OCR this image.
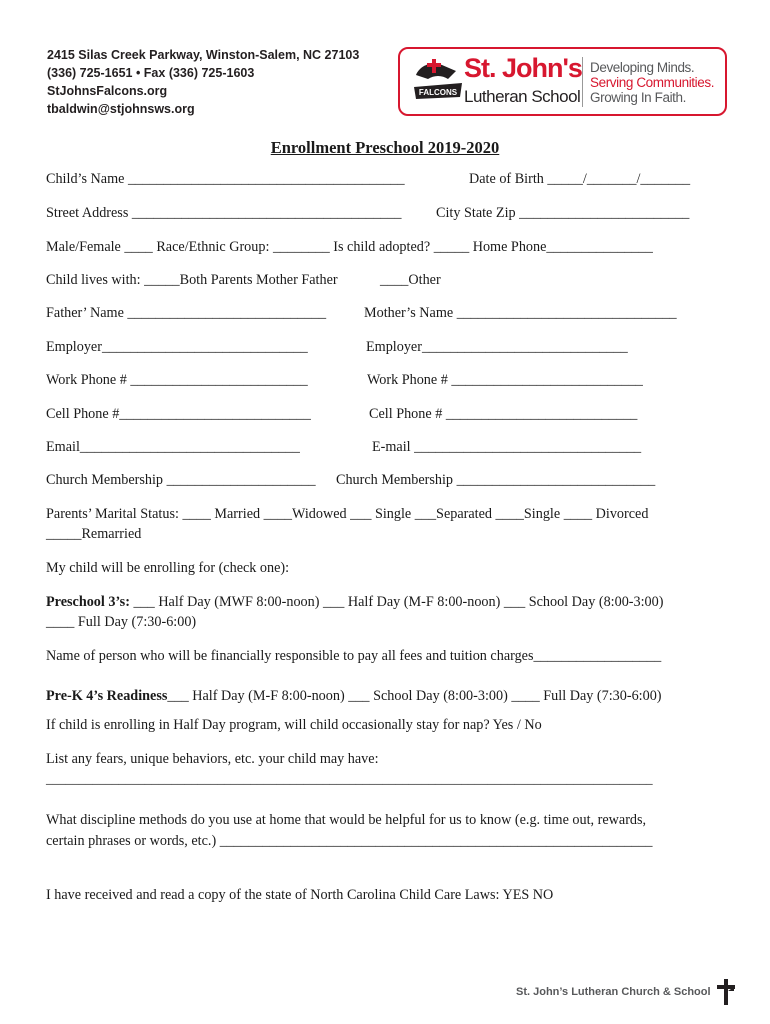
2415 Silas Creek Parkway, Winston-Salem, NC 27103
(336) 725-1651 • Fax (336) 725-1603
StJohnsFalcons.org
tbaldwin@stjohnsws.org
FALCONS
St. John's
Lutheran School
Developing Minds.
Serving Communities.
Growing In Faith.
Enrollment Preschool 2019-2020
Child’s Name _______________________________________	Date of Birth _____/_______/_______
Street Address ______________________________________ City State Zip ________________________
Male/Female ____ Race/Ethnic Group: ________ Is child adopted? _____ Home Phone_______________
Child lives with: _____Both Parents Mother Father	____Other
Father’ Name ____________________________	Mother’s Name _______________________________
Employer_____________________________	Employer_____________________________
Work Phone # _________________________	Work Phone # ___________________________
Cell Phone #___________________________	Cell Phone # ___________________________
Email_______________________________	E-mail ________________________________
Church Membership _____________________ Church Membership ____________________________
Parents’ Marital Status: ____ Married ____Widowed ___ Single ___Separated ____Single ____ Divorced
_____Remarried
My child will be enrolling for (check one):
Preschool 3’s: ___ Half Day (MWF 8:00-noon) ___ Half Day (M-F 8:00-noon) ___ School Day (8:00-3:00)
____ Full Day (7:30-6:00)
Name of person who will be financially responsible to pay all fees and tuition charges__________________
Pre-K 4’s Readiness___ Half Day (M-F 8:00-noon) ___ School Day (8:00-3:00) ____ Full Day (7:30-6:00)
If child is enrolling in Half Day program, will child occasionally stay for nap? Yes / No
List any fears, unique behaviors, etc. your child may have:
____________________________________________________________________________________________
What discipline methods do you use at home that would be helpful for us to know (e.g. time out, rewards,
certain phrases or words, etc.) _____________________________________________________________
I have received and read a copy of the state of North Carolina Child Care Laws: YES NO
St. John’s Lutheran Church & School
